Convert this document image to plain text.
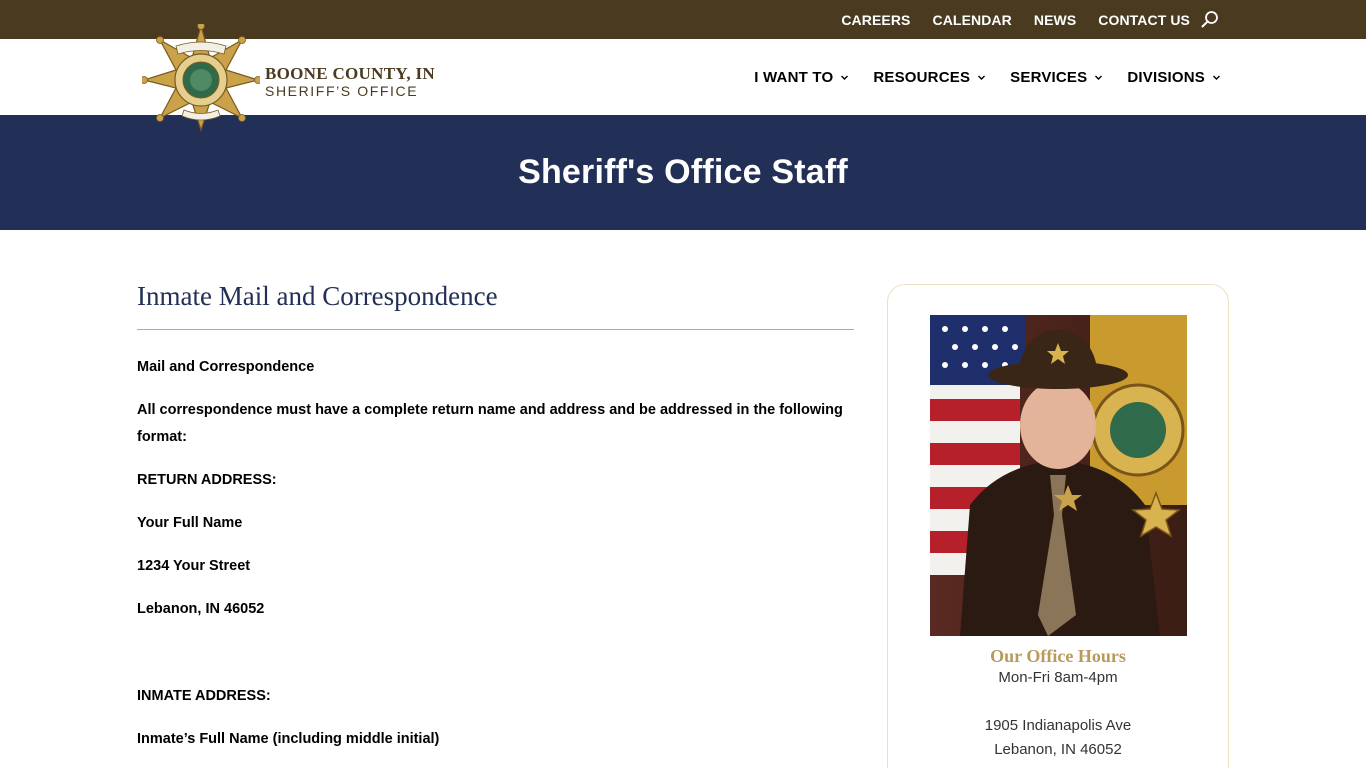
CAREERS CALENDAR NEWS CONTACT US
BOONE COUNTY, IN
SHERIFF’S OFFICE
I WANT TO	RESOURCES	SERVICES	DIVISIONS
Sheriff's Office Staff
Inmate Mail and Correspondence

Mail and Correspondence

All correspondence must have a complete return name and address and be addressed in the following format:

RETURN ADDRESS:

Your Full Name

1234 Your Street

Lebanon, IN 46052

INMATE ADDRESS:

Inmate’s Full Name (including middle initial)

Our Office Hours
Mon-Fri 8am-4pm
1905 Indianapolis Ave
Lebanon, IN 46052
